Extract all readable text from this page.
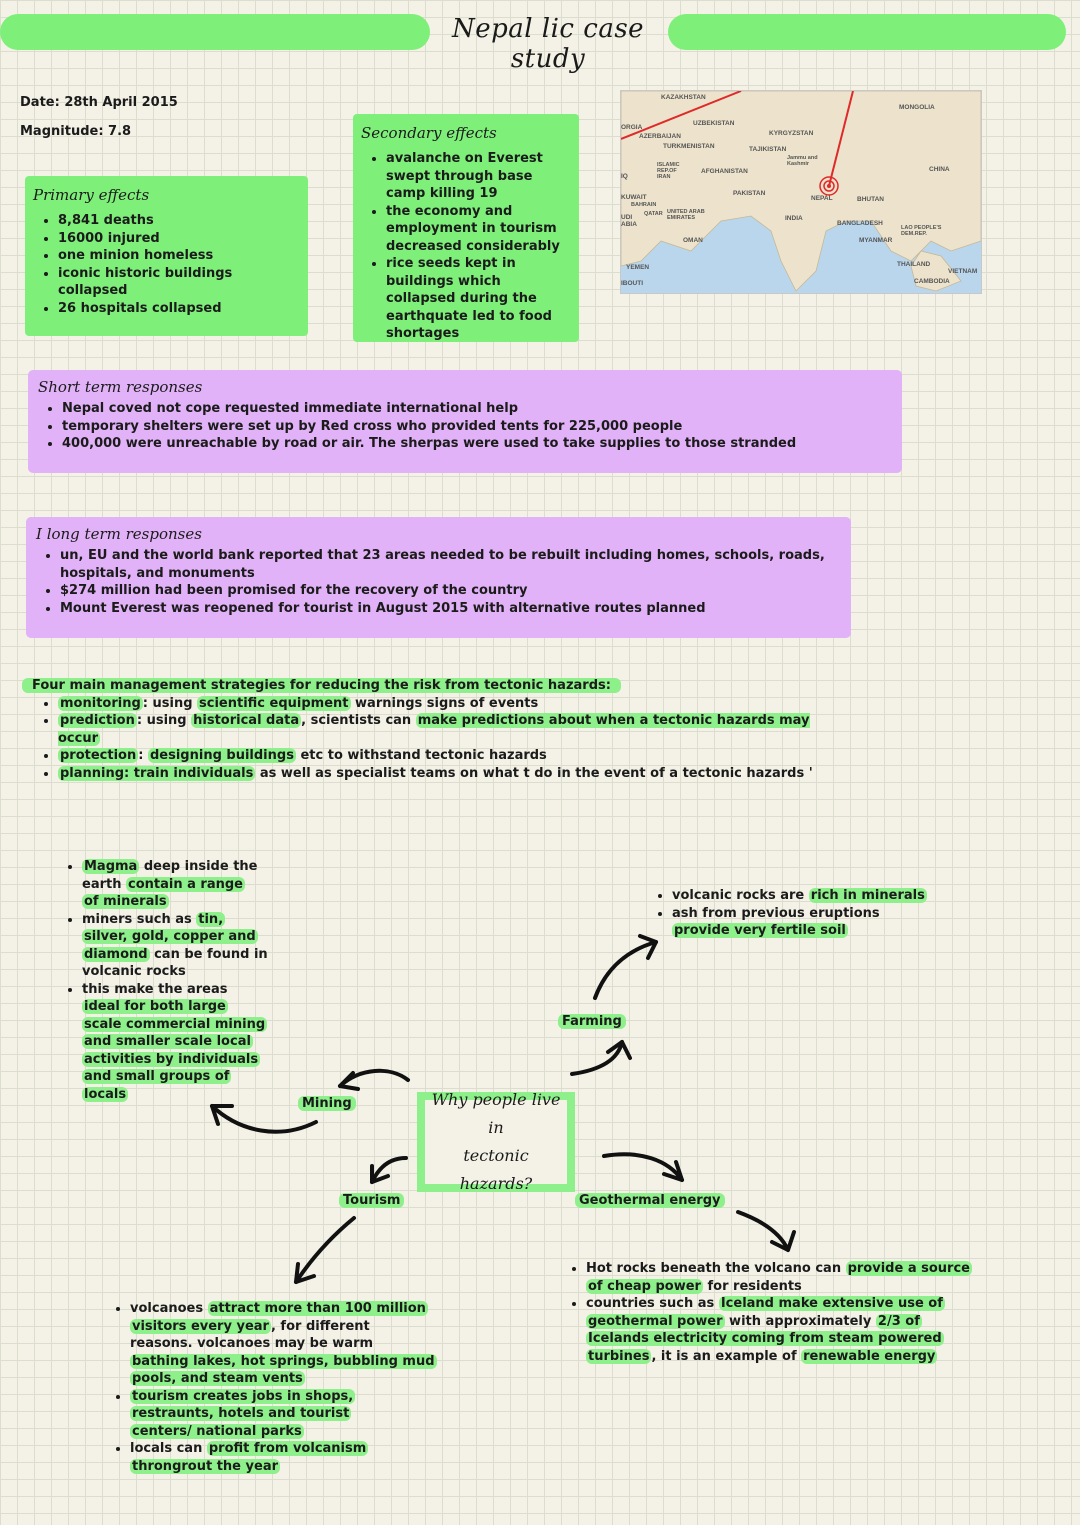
Nepal lic case study
Date: 28th April 2015
Magnitude: 7.8
Primary effects
• 8,841 deaths
• 16000 injured
• one minion homeless
• iconic historic buildings collapsed
• 26 hospitals collapsed
Secondary effects
• avalanche on Everest swept through base camp killing 19
• the economy and employment in tourism decreased considerably
• rice seeds kept in buildings which collapsed during the earthquate led to food shortages
KAZAKHSTAN
MONGOLIA
UZBEKISTAN
ORGIA
AZERBAIJAN	KYRGYZSTAN
TURKMENISTAN	TAJIKISTAN
Jammu and Kashmir
ISLAMIC REP.OF IRAN
AFGHANISTAN	CHINA
KUWAIT
BAHRAIN
PAKISTAN
NEPAL	BHUTAN
QATAR UNITED ARAB EMIRATES
UDI ABIA
INDIA
BANGLADESH
LAO PEOPLE'S DEM.REP.
OMAN	MYANMAR
YEMEN	THAILAND
VIETNAM
IBOUTI	CAMBODIA
IQ
Short term responses
• Nepal coved not cope requested immediate international help
• temporary shelters were set up by Red cross who provided tents for 225,000 people
• 400,000 were unreachable by road or air. The sherpas were used to take supplies to those stranded
I long term responses
• un, EU and the world bank reported that 23 areas needed to be rebuilt including homes, schools, roads, hospitals, and monuments
• $274 million had been promised for the recovery of the country
• Mount Everest was reopened for tourist in August 2015 with alternative routes planned
Four main management strategies for reducing the risk from tectonic hazards:
• monitoring : using scientific equipment warnings signs of events
• prediction : using historical data , scientists can make predictions about when a tectonic hazards may occur
• protection : designing buildings etc to withstand tectonic hazards
• planning: train individuals as well as specialist teams on what t do in the event of a tectonic hazards '
Why people live in
tectonic hazards?
Mining
Farming
Tourism	Geothermal energy
• Magma deep inside the
earth contain a range
of minerals
• miners such as tin,
silver, gold, copper and
diamond can be found in
volcanic rocks
• this make the areas
ideal for both large
scale commercial mining
and smaller scale local
activities by individuals
and small groups of
locals
• volcanic rocks are rich in minerals
• ash from previous eruptions
provide very fertile soil
• volcanoes attract more than 100 million
visitors every year , for different
reasons. volcanoes may be warm
bathing lakes, hot springs, bubbling mud
pools, and steam vents
• tourism creates jobs in shops,
restraunts, hotels and tourist
centers/ national parks
• locals can profit from volcanism
throngrout the year
• Hot rocks beneath the volcano can provide a source
of cheap power for residents
• countries such as Iceland make extensive use of
geothermal power with approximately 2/3 of
Icelands electricity coming from steam powered
turbines , it is an example of renewable energy
